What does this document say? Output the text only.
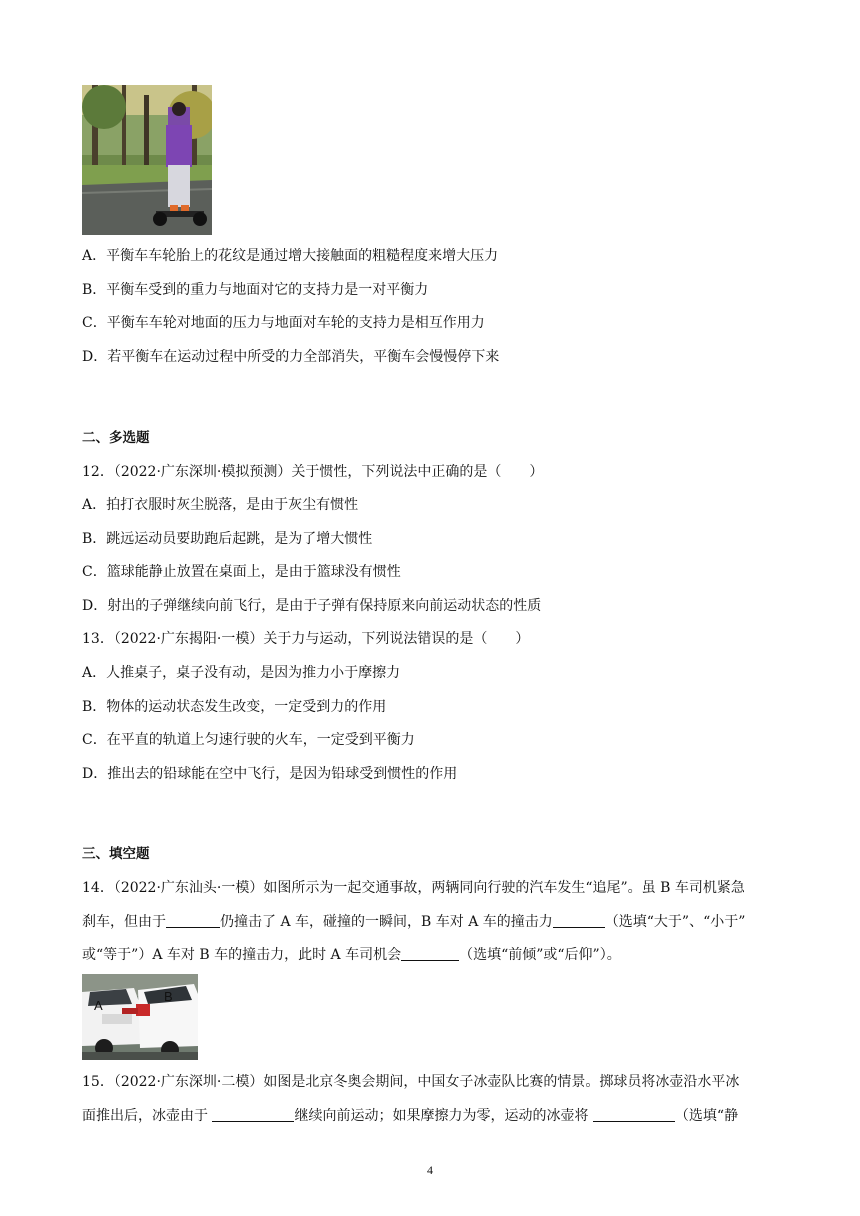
A．平衡车车轮胎上的花纹是通过增大接触面的粗糙程度来增大压力
B．平衡车受到的重力与地面对它的支持力是一对平衡力
C．平衡车车轮对地面的压力与地面对车轮的支持力是相互作用力
D．若平衡车在运动过程中所受的力全部消失，平衡车会慢慢停下来
二、多选题
12．（2022·广东深圳·模拟预测）关于惯性，下列说法中正确的是（　　）
A．拍打衣服时灰尘脱落，是由于灰尘有惯性
B．跳远运动员要助跑后起跳，是为了增大惯性
C．篮球能静止放置在桌面上，是由于篮球没有惯性
D．射出的子弹继续向前飞行，是由于子弹有保持原来向前运动状态的性质
13．（2022·广东揭阳·一模）关于力与运动，下列说法错误的是（　　）
A．人推桌子，桌子没有动，是因为推力小于摩擦力
B．物体的运动状态发生改变，一定受到力的作用
C．在平直的轨道上匀速行驶的火车，一定受到平衡力
D．推出去的铅球能在空中飞行，是因为铅球受到惯性的作用
三、填空题
14．（2022·广东汕头·一模）如图所示为一起交通事故，两辆同向行驶的汽车发生“追尾”。虽 B 车司机紧急
刹车，但由于	仍撞击了 A 车，碰撞的一瞬间，B 车对 A 车的撞击力	（选填“大于”、“小于”
或“等于”）A 车对 B 车的撞击力，此时 A 车司机会	（选填“前倾”或“后仰”）。
A
B
15．（2022·广东深圳·二模）如图是北京冬奥会期间，中国女子冰壶队比赛的情景。掷球员将冰壶沿水平冰
面推出后，冰壶由于	继续向前运动；如果摩擦力为零，运动的冰壶将	（选填“静
4
